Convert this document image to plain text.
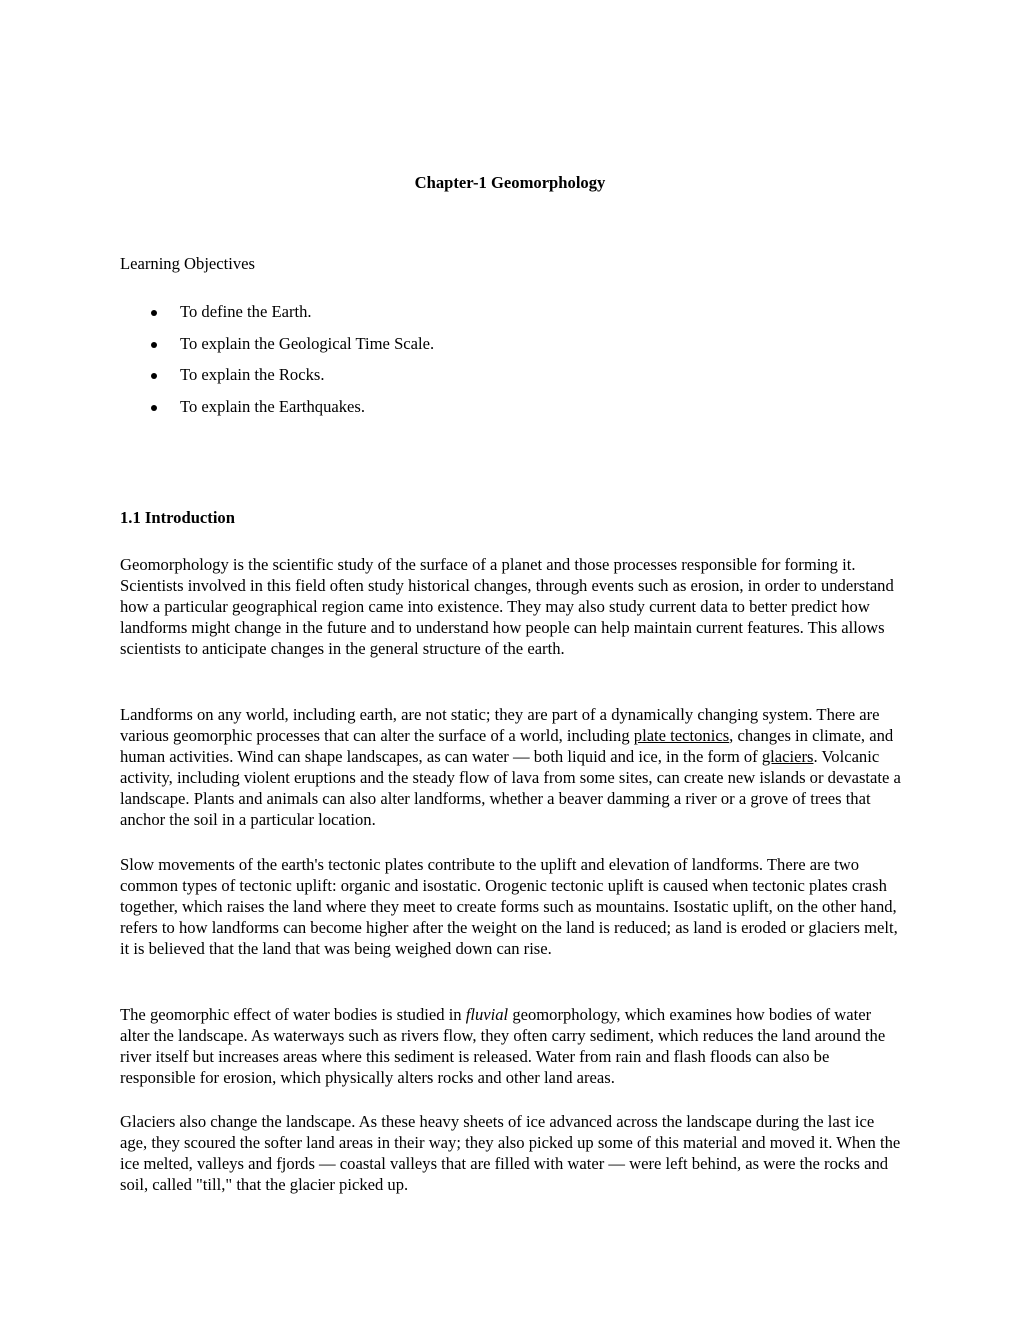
Chapter-1 Geomorphology

Learning Objectives

To define the Earth.
To explain the Geological Time Scale.
To explain the Rocks.
To explain the Earthquakes.
1.1 Introduction

Geomorphology is the scientific study of the surface of a planet and those processes responsible for forming it. Scientists involved in this field often study historical changes, through events such as erosion, in order to understand how a particular geographical region came into existence. They may also study current data to better predict how landforms might change in the future and to understand how people can help maintain current features. This allows scientists to anticipate changes in the general structure of the earth.

Landforms on any world, including earth, are not static; they are part of a dynamically changing system. There are various geomorphic processes that can alter the surface of a world, including plate tectonics, changes in climate, and human activities. Wind can shape landscapes, as can water — both liquid and ice, in the form of glaciers. Volcanic activity, including violent eruptions and the steady flow of lava from some sites, can create new islands or devastate a landscape. Plants and animals can also alter landforms, whether a beaver damming a river or a grove of trees that anchor the soil in a particular location.

Slow movements of the earth's tectonic plates contribute to the uplift and elevation of landforms. There are two common types of tectonic uplift: organic and isostatic. Orogenic tectonic uplift is caused when tectonic plates crash together, which raises the land where they meet to create forms such as mountains. Isostatic uplift, on the other hand, refers to how landforms can become higher after the weight on the land is reduced; as land is eroded or glaciers melt, it is believed that the land that was being weighed down can rise.

The geomorphic effect of water bodies is studied in fluvial geomorphology, which examines how bodies of water alter the landscape. As waterways such as rivers flow, they often carry sediment, which reduces the land around the river itself but increases areas where this sediment is released. Water from rain and flash floods can also be responsible for erosion, which physically alters rocks and other land areas.

Glaciers also change the landscape. As these heavy sheets of ice advanced across the landscape during the last ice age, they scoured the softer land areas in their way; they also picked up some of this material and moved it. When the ice melted, valleys and fjords — coastal valleys that are filled with water — were left behind, as were the rocks and soil, called "till," that the glacier picked up.
